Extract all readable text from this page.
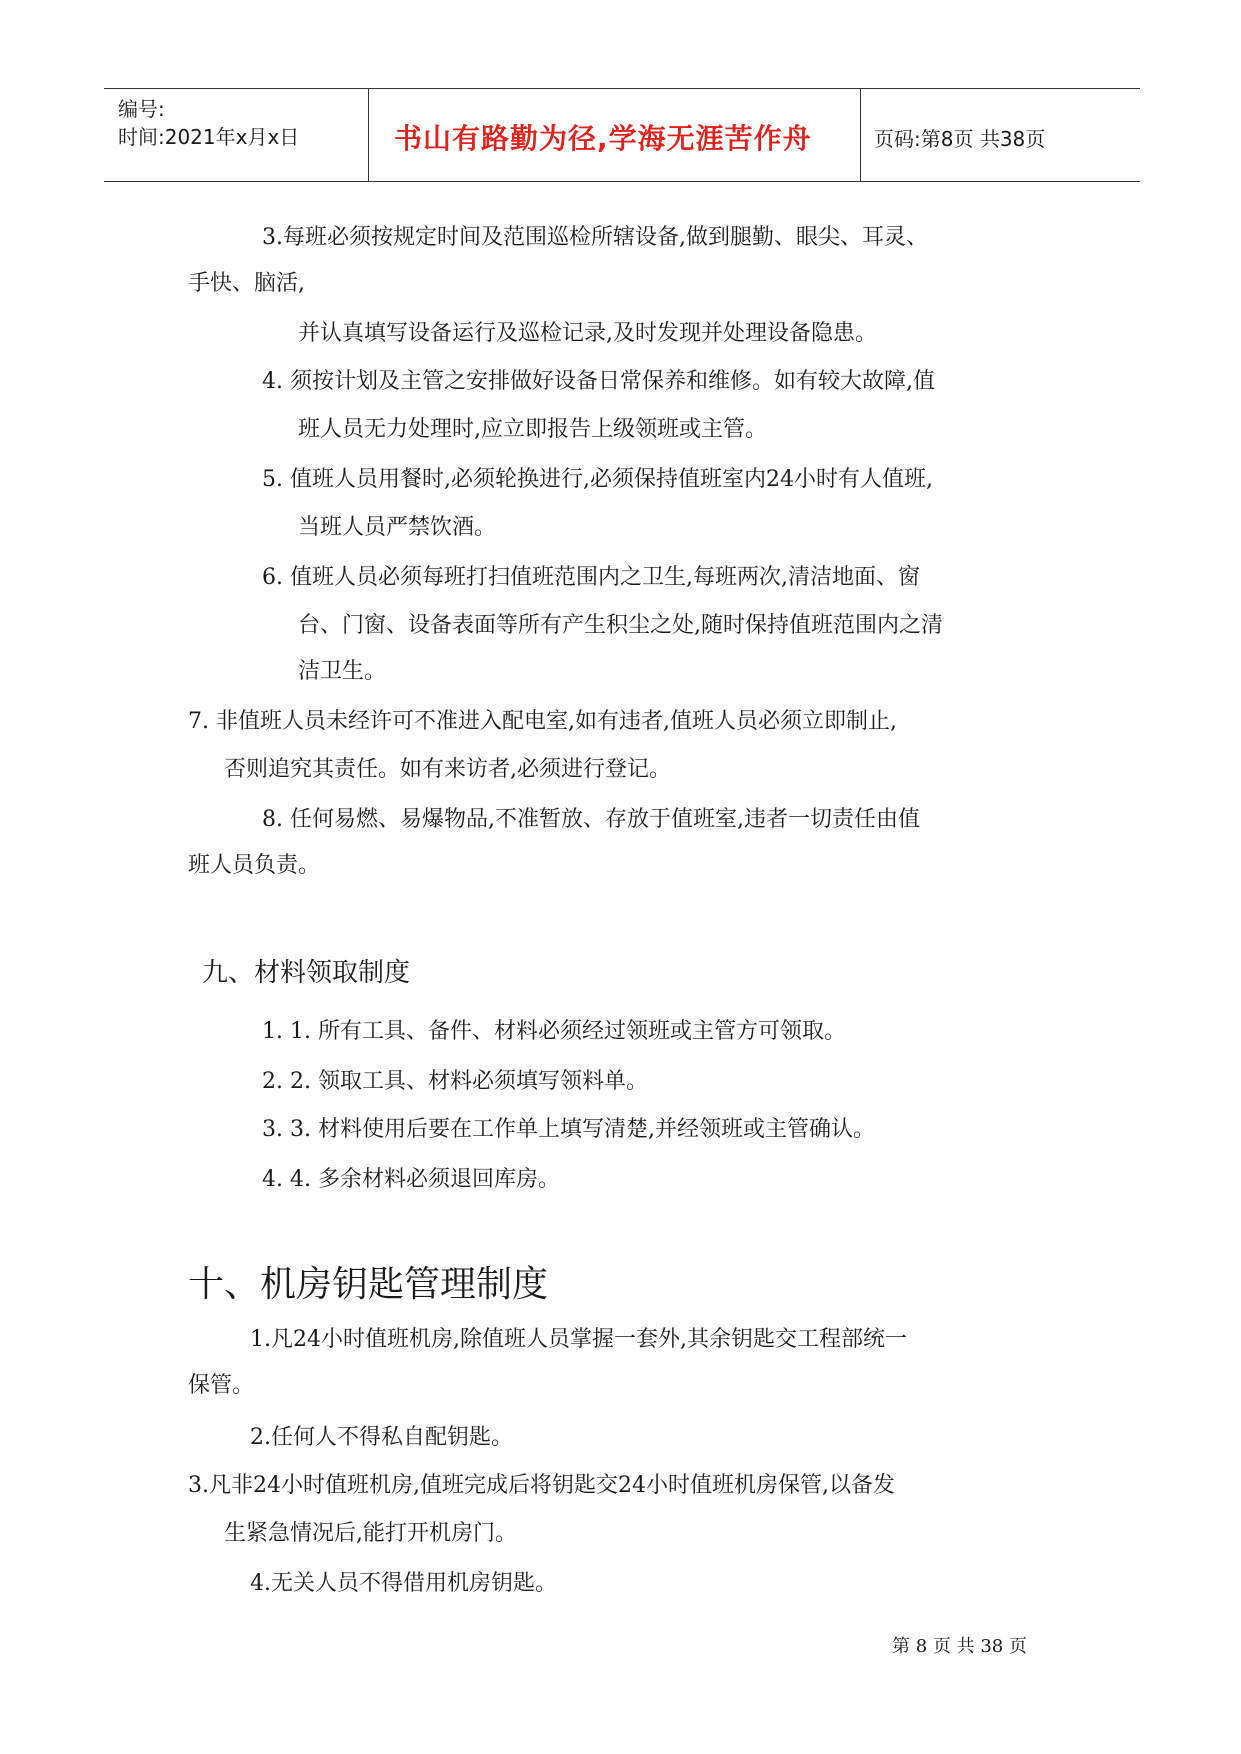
编号:
时间:2021年x月x日	书山有路勤为径,学海无涯苦作舟	页码:第8页 共38页
3.每班必须按规定时间及范围巡检所辖设备,做到腿勤、眼尖、耳灵、
手快、脑活,
并认真填写设备运行及巡检记录,及时发现并处理设备隐患。
4. 须按计划及主管之安排做好设备日常保养和维修。如有较大故障,值
班人员无力处理时,应立即报告上级领班或主管。
5. 值班人员用餐时,必须轮换进行,必须保持值班室内24小时有人值班,
当班人员严禁饮酒。
6. 值班人员必须每班打扫值班范围内之卫生,每班两次,清洁地面、窗
台、门窗、设备表面等所有产生积尘之处,随时保持值班范围内之清
洁卫生。
7. 非值班人员未经许可不准进入配电室,如有违者,值班人员必须立即制止,
否则追究其责任。如有来访者,必须进行登记。
8. 任何易燃、易爆物品,不准暂放、存放于值班室,违者一切责任由值
班人员负责。
九、材料领取制度
1. 1. 所有工具、备件、材料必须经过领班或主管方可领取。
2. 2. 领取工具、材料必须填写领料单。
3. 3. 材料使用后要在工作单上填写清楚,并经领班或主管确认。
4. 4. 多余材料必须退回库房。
十、机房钥匙管理制度
1.凡24小时值班机房,除值班人员掌握一套外,其余钥匙交工程部统一
保管。
2.任何人不得私自配钥匙。
3.凡非24小时值班机房,值班完成后将钥匙交24小时值班机房保管,以备发
生紧急情况后,能打开机房门。
4.无关人员不得借用机房钥匙。
第 8 页 共 38 页
